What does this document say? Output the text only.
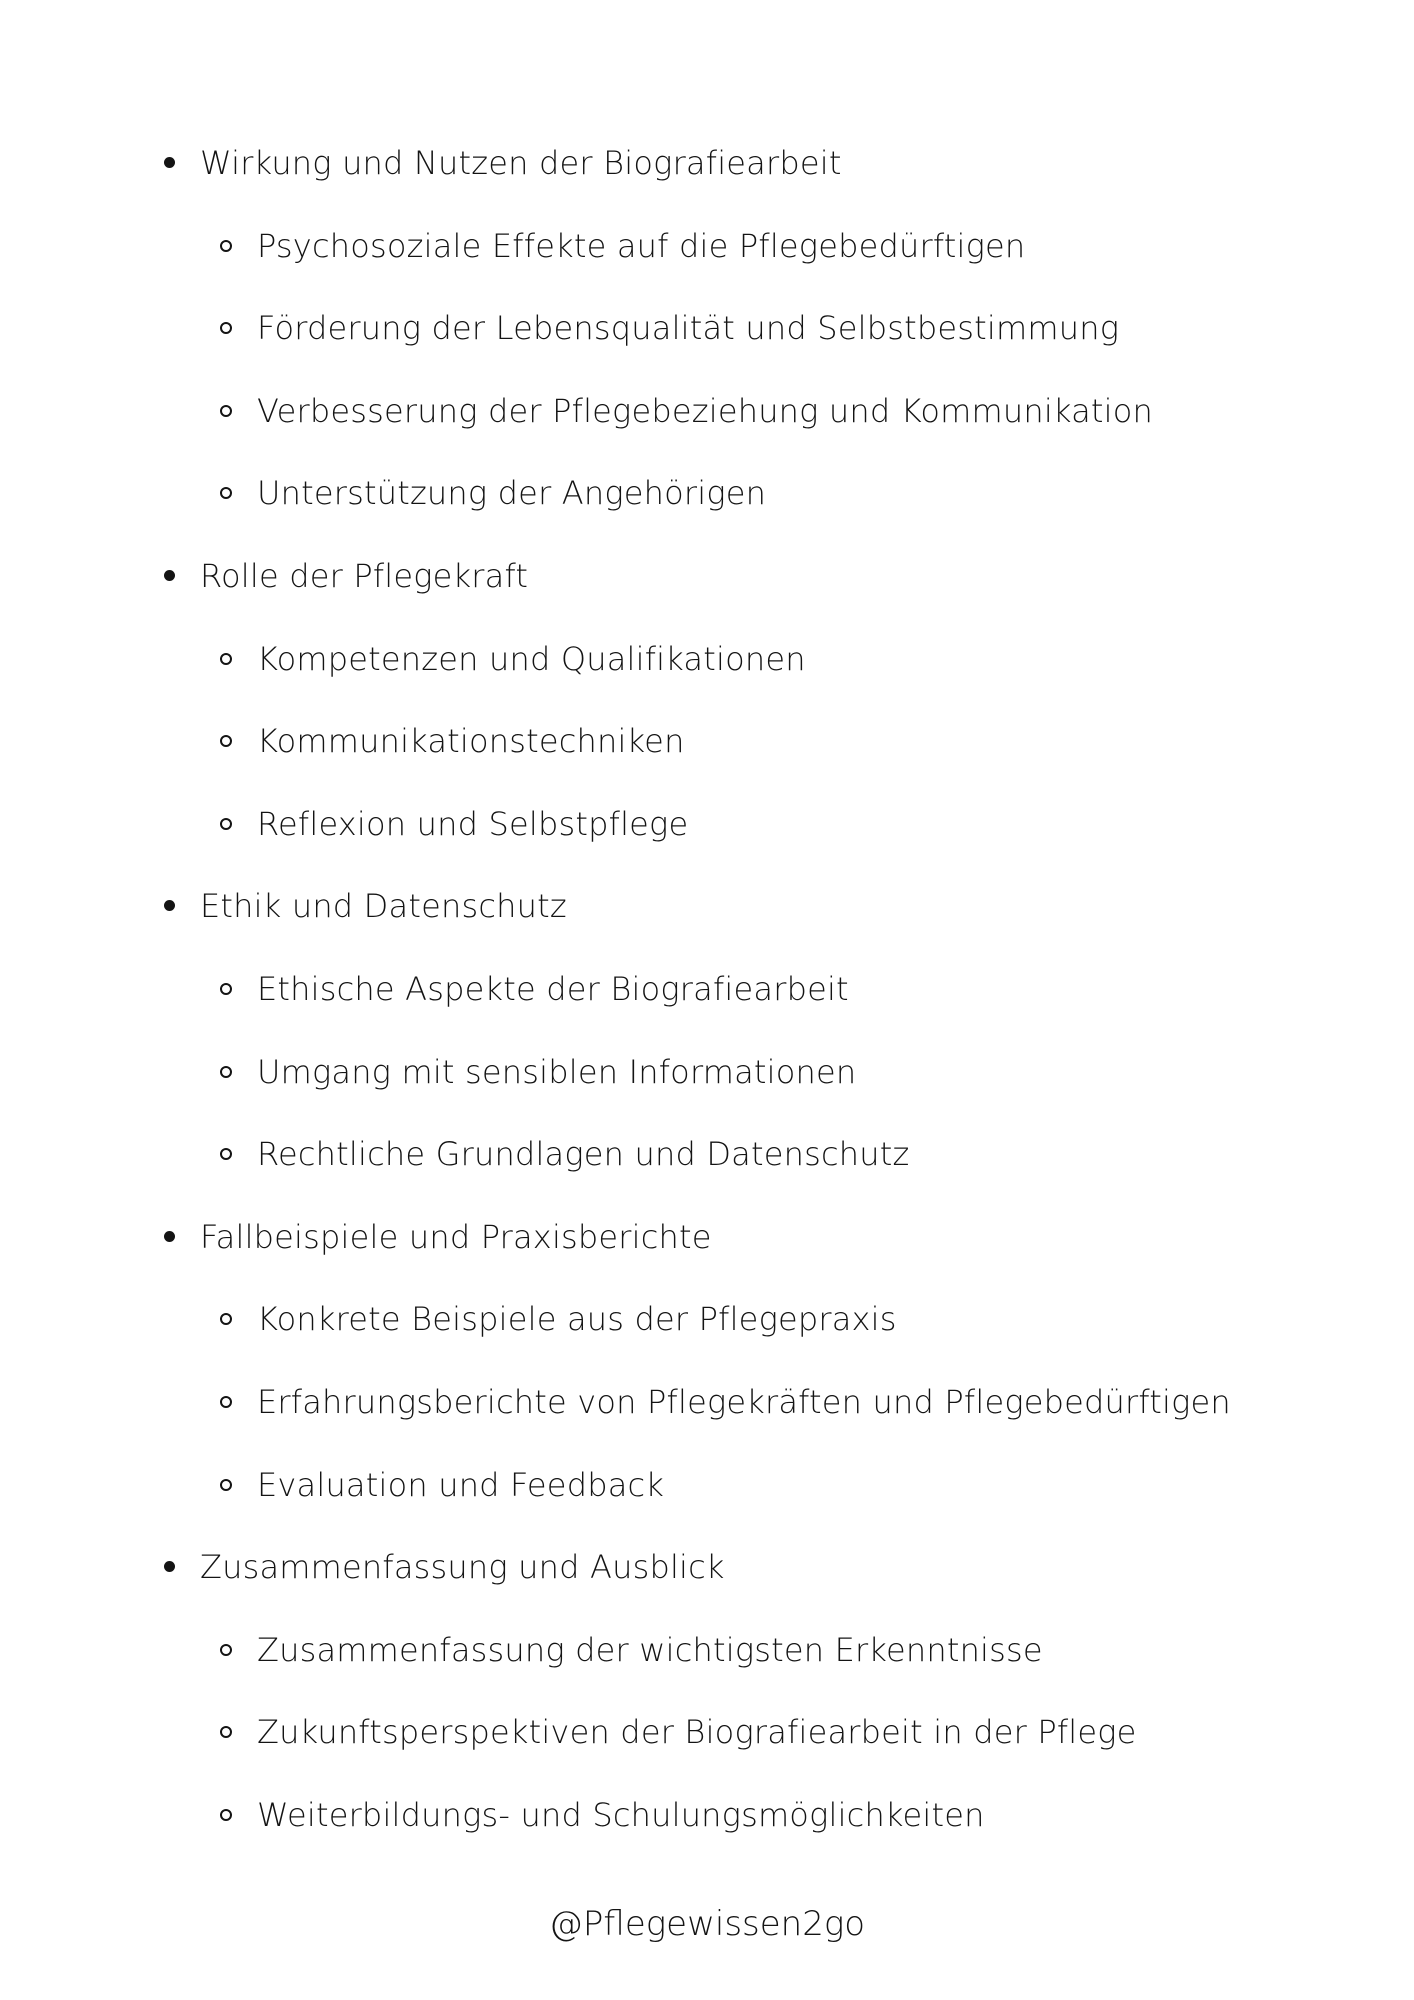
Wirkung und Nutzen der Biografiearbeit
Psychosoziale Effekte auf die Pflegebedürftigen
Förderung der Lebensqualität und Selbstbestimmung
Verbesserung der Pflegebeziehung und Kommunikation
Unterstützung der Angehörigen
Rolle der Pflegekraft
Kompetenzen und Qualifikationen
Kommunikationstechniken
Reflexion und Selbstpflege
Ethik und Datenschutz
Ethische Aspekte der Biografiearbeit
Umgang mit sensiblen Informationen
Rechtliche Grundlagen und Datenschutz
Fallbeispiele und Praxisberichte
Konkrete Beispiele aus der Pflegepraxis
Erfahrungsberichte von Pflegekräften und Pflegebedürftigen
Evaluation und Feedback
Zusammenfassung und Ausblick
Zusammenfassung der wichtigsten Erkenntnisse
Zukunftsperspektiven der Biografiearbeit in der Pflege
Weiterbildungs- und Schulungsmöglichkeiten
@Pflegewissen2go
